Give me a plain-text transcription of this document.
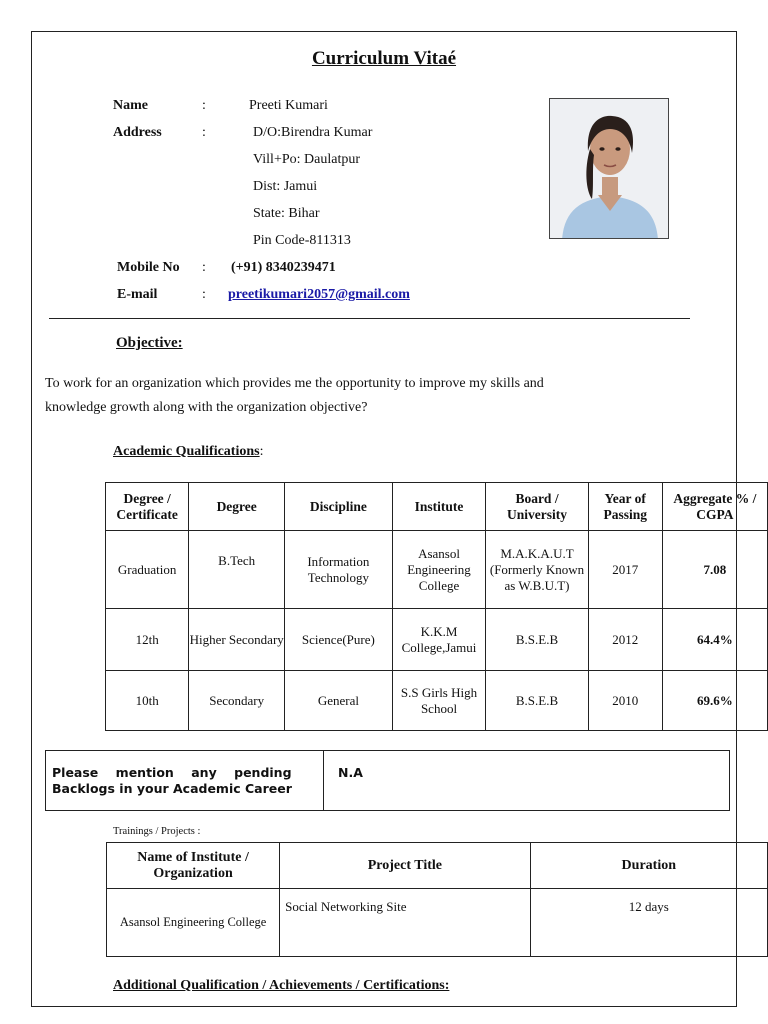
Curriculum Vitaé
Name	:	Preeti Kumari
Address	:	D/O:Birendra Kumar
Vill+Po: Daulatpur
Dist: Jamui
State: Bihar
Pin Code-811313
Mobile No : (+91) 8340239471
E-mail	: preetikumari2057@gmail.com
Objective:
To work for an organization which provides me the opportunity to improve my skills and
knowledge growth along with the organization objective?
Academic Qualifications:
Degree / Certificate	Degree	Discipline	Institute	Board / University	Year of Passing	Aggregate % / CGPA
Graduation	B.Tech	Information Technology	Asansol Engineering College	M.A.K.A.U.T (Formerly Known as W.B.U.T)	2017	7.08
12th	Higher Secondary	Science(Pure)	K.K.M College,Jamui	B.S.E.B	2012	64.4%
10th	Secondary	General	S.S Girls High School	B.S.E.B	2010	69.6%
Please    mention    any    pending
Backlogs in your Academic Career
N.A
Trainings / Projects :
Name of Institute / Organization	Project Title	Duration
Asansol Engineering College	Social Networking Site	12 days
Additional Qualification / Achievements / Certifications:
